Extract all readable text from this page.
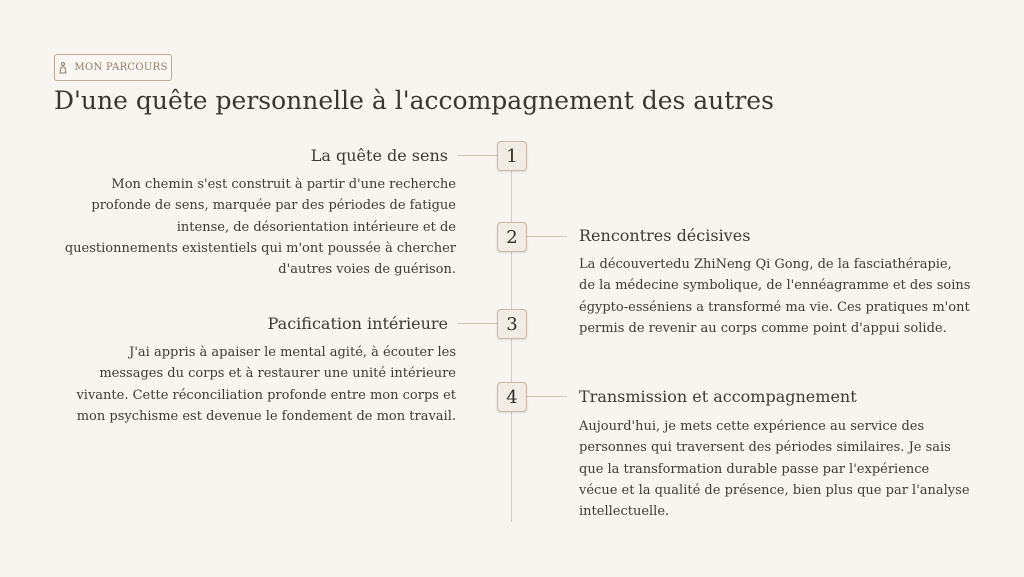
MON PARCOURS
D'une quête personnelle à l'accompagnement des autres
1
La quête de sens

Mon chemin s'est construit à partir d'une recherche profonde de sens, marquée par des périodes de fatigue intense, de désorientation intérieure et de questionnements existentiels qui m'ont poussée à chercher d'autres voies de guérison.

2	Rencontres décisives

La découvertedu ZhiNeng Qi Gong, de la fasciathérapie, de la médecine symbolique, de l'ennéagramme et des soins égypto-esséniens a transformé ma vie. Ces pratiques m'ont permis de revenir au corps comme point d'appui solide.

3
Pacification intérieure

J'ai appris à apaiser le mental agité, à écouter les messages du corps et à restaurer une unité intérieure vivante. Cette réconciliation profonde entre mon corps et mon psychisme est devenue le fondement de mon travail.

4	Transmission et accompagnement

Aujourd'hui, je mets cette expérience au service des personnes qui traversent des périodes similaires. Je sais que la transformation durable passe par l'expérience vécue et la qualité de présence, bien plus que par l'analyse intellectuelle.
